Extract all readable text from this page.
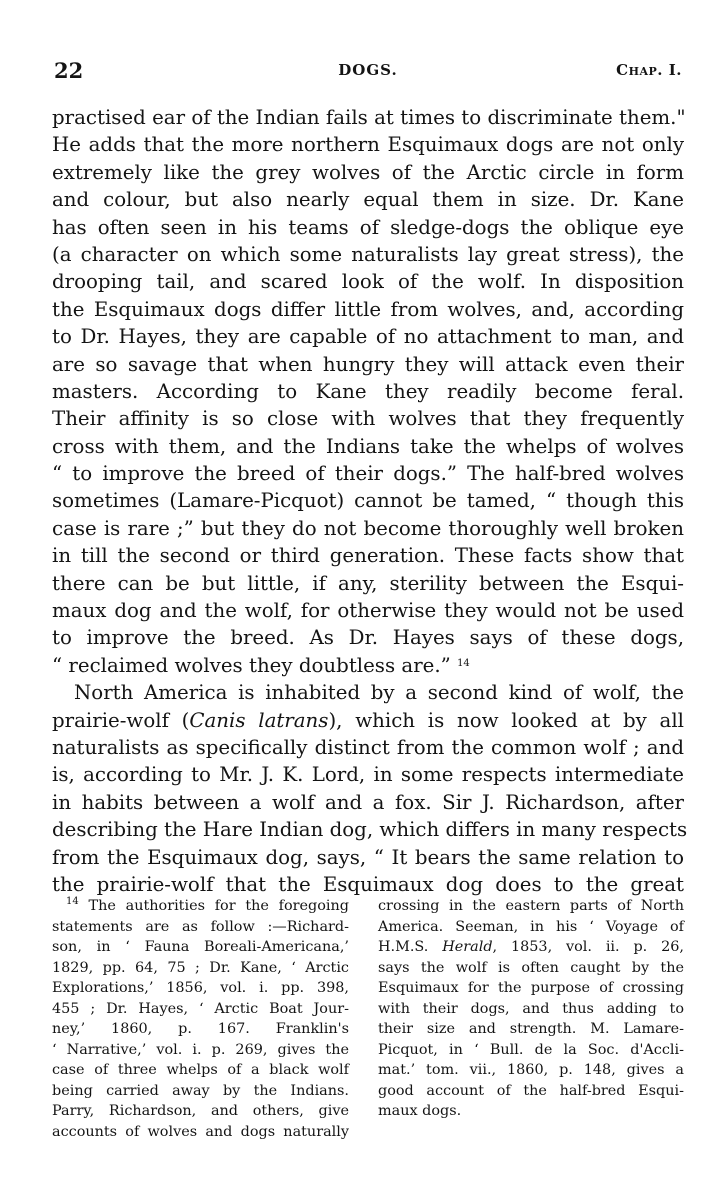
22	DOGS.	Chap. I.
practised ear of the Indian fails at times to discriminate them."
He adds that the more northern Esquimaux dogs are not only
extremely like the grey wolves of the Arctic circle in form
and colour, but also nearly equal them in size. Dr. Kane
has often seen in his teams of sledge-dogs the oblique eye
(a character on which some naturalists lay great stress), the
drooping tail, and scared look of the wolf. In disposition
the Esquimaux dogs differ little from wolves, and, according
to Dr. Hayes, they are capable of no attachment to man, and
are so savage that when hungry they will attack even their
masters. According to Kane they readily become feral.
Their affinity is so close with wolves that they frequently
cross with them, and the Indians take the whelps of wolves
“ to improve the breed of their dogs.” The half-bred wolves
sometimes (Lamare-Picquot) cannot be tamed, “ though this
case is rare ;” but they do not become thoroughly well broken
in till the second or third generation. These facts show that
there can be but little, if any, sterility between the Esqui-
maux dog and the wolf, for otherwise they would not be used
to improve the breed. As Dr. Hayes says of these dogs,
“ reclaimed wolves they doubtless are.” $^{14}$
North America is inhabited by a second kind of wolf, the
prairie-wolf (Canis latrans), which is now looked at by all
naturalists as specifically distinct from the common wolf ; and
is, according to Mr. J. K. Lord, in some respects intermediate
in habits between a wolf and a fox. Sir J. Richardson, after
describing the Hare Indian dog, which differs in many respects
from the Esquimaux dog, says, “ It bears the same relation to
the prairie-wolf that the Esquimaux dog does to the great
$^{14}$ The authorities for the foregoing
statements are as follow :—Richard-
son, in ‘ Fauna Boreali-Americana,’
1829, pp. 64, 75 ; Dr. Kane, ‘ Arctic
Explorations,’ 1856, vol. i. pp. 398,
455 ; Dr. Hayes, ‘ Arctic Boat Jour-
ney,’ 1860, p. 167. Franklin's
‘ Narrative,’ vol. i. p. 269, gives the
case of three whelps of a black wolf
being carried away by the Indians.
Parry, Richardson, and others, give
accounts of wolves and dogs naturally
crossing in the eastern parts of North
America. Seeman, in his ‘ Voyage of
H.M.S. Herald, 1853, vol. ii. p. 26,
says the wolf is often caught by the
Esquimaux for the purpose of crossing
with their dogs, and thus adding to
their size and strength. M. Lamare-
Picquot, in ‘ Bull. de la Soc. d'Accli-
mat.’ tom. vii., 1860, p. 148, gives a
good account of the half-bred Esqui-
maux dogs.
